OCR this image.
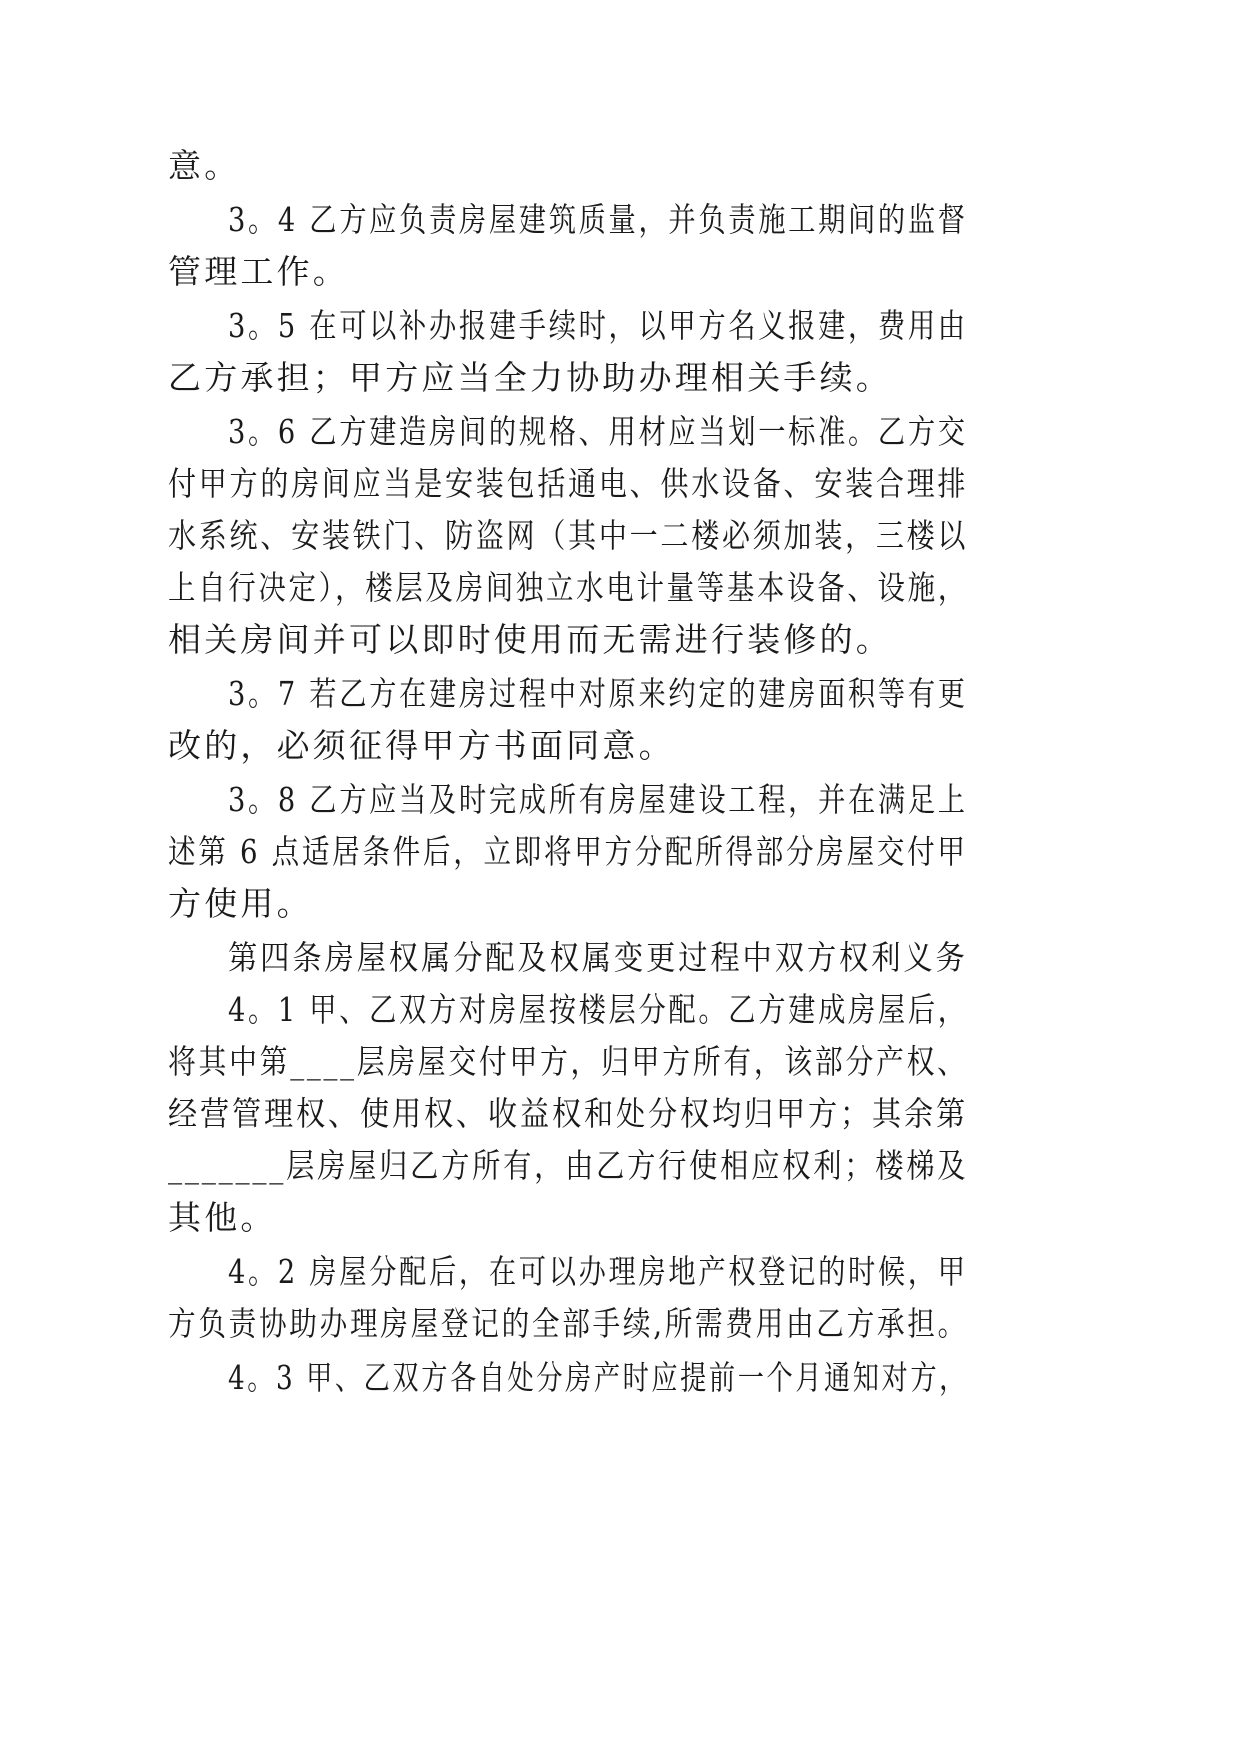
意。

3。4 乙方应负责房屋建筑质量，并负责施工期间的监督

管理工作。

3。5 在可以补办报建手续时，以甲方名义报建，费用由

乙方承担；甲方应当全力协助办理相关手续。

3。6 乙方建造房间的规格、用材应当划一标准。乙方交

付甲方的房间应当是安装包括通电、供水设备、安装合理排

水系统、安装铁门、防盗网（其中一二楼必须加装，三楼以

上自行决定），楼层及房间独立水电计量等基本设备、设施，

相关房间并可以即时使用而无需进行装修的。

3。7 若乙方在建房过程中对原来约定的建房面积等有更

改的，必须征得甲方书面同意。

3。8 乙方应当及时完成所有房屋建设工程，并在满足上

述第 6 点适居条件后，立即将甲方分配所得部分房屋交付甲

方使用。

第四条房屋权属分配及权属变更过程中双方权利义务

4。1 甲、乙双方对房屋按楼层分配。乙方建成房屋后，

将其中第____层房屋交付甲方，归甲方所有，该部分产权、

经营管理权、使用权、收益权和处分权均归甲方；其余第

_______层房屋归乙方所有，由乙方行使相应权利；楼梯及

其他。

4。2 房屋分配后，在可以办理房地产权登记的时候，甲

方负责协助办理房屋登记的全部手续,所需费用由乙方承担。

4。3 甲、乙双方各自处分房产时应提前一个月通知对方，
